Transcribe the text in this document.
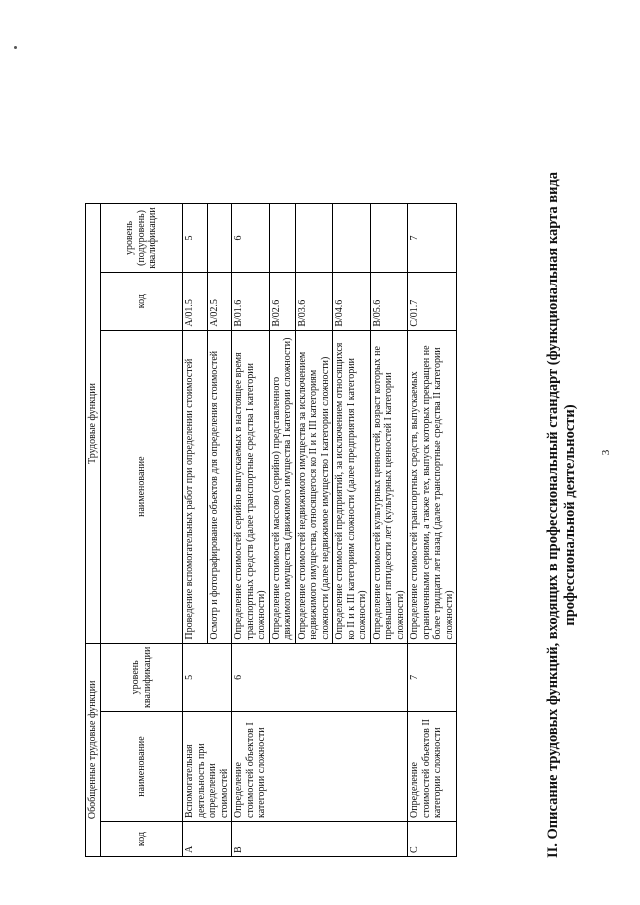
3
II. Описание трудовых функций, входящих в профессиональный стандарт (функциональная карта вида профессиональной деятельности)
Обобщенные трудовые функции			Трудовые функции		
код	наименование	уровень квалификации	наименование	код	уровень (подуровень) квалификации
A	Вспомогательная деятельность при определении стоимостей	5	Проведение вспомогательных работ при определении стоимостей	A/01.5	5
			Осмотр и фотографирование объектов для определения стоимостей	A/02.5	
B	Определение стоимостей объектов I категории сложности	6	Определение стоимостей серийно выпускаемых в настоящее время транспортных средств (далее транспортные средства I категории сложности)	B/01.6	6
			Определение стоимостей массово (серийно) представленного движимого имущества (движимого имущества I категории сложности)	B/02.6	
			Определение стоимостей недвижимого имущества за исключением недвижимого имущества, относящегося ко II и к III категориям сложности (далее недвижимое имущество I категории сложности)	B/03.6	
			Определение стоимостей предприятий, за исключением относящихся ко II и к III категориям сложности (далее предприятия I категории сложности)	B/04.6	
			Определение стоимостей культурных ценностей, возраст которых не превышает пятидесяти лет (культурных ценностей I категории сложности)	B/05.6	
C	Определение стоимостей объектов II категории сложности	7	Определение стоимостей транспортных средств, выпускаемых ограниченными сериями, а также тех, выпуск которых прекращен не более тридцати лет назад (далее транспортные средства II категории сложности)	C/01.7	7
